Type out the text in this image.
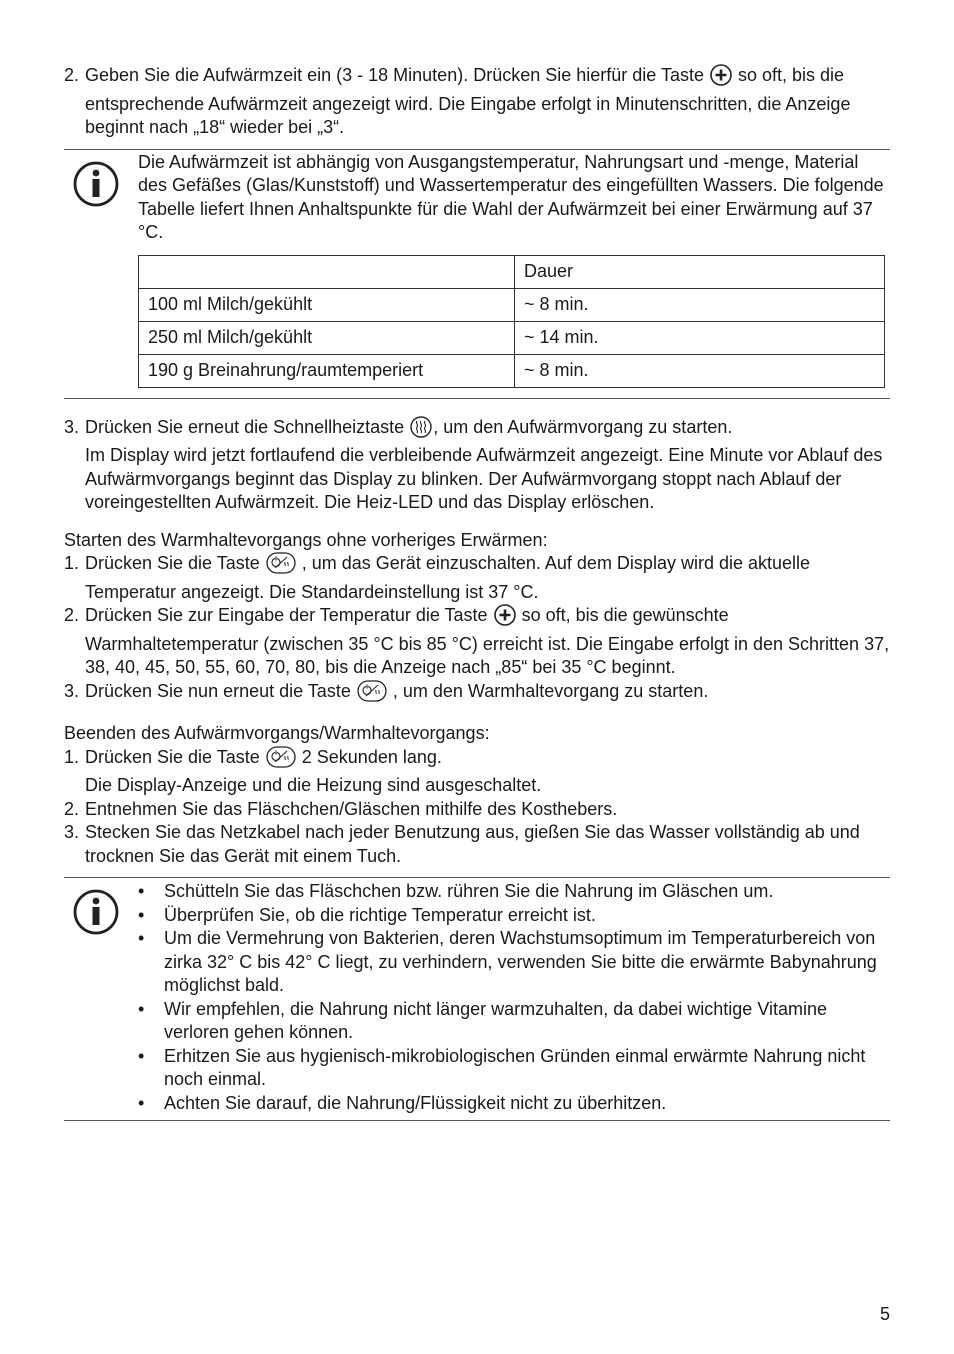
2. Geben Sie die Aufwärmzeit ein (3 - 18 Minuten). Drücken Sie hierfür die Taste  so oft, bis die entsprechende Aufwärmzeit angezeigt wird. Die Eingabe erfolgt in Minutenschritten, die Anzeige beginnt nach „18“ wieder bei „3“.
Die Aufwärmzeit ist abhängig von Ausgangstemperatur, Nahrungsart und -menge, Material des Gefäßes (Glas/Kunststoff) und Wassertemperatur des eingefüllten Wassers. Die folgende Tabelle liefert Ihnen Anhaltspunkte für die Wahl der Aufwärmzeit bei einer Erwärmung auf 37 °C.
	Dauer
100 ml Milch/gekühlt	~ 8 min.
250 ml Milch/gekühlt	~ 14 min.
190 g Breinahrung/raumtemperiert	~ 8 min.
3. Drücken Sie erneut die Schnellheiztaste , um den Aufwärmvorgang zu starten.
Im Display wird jetzt fortlaufend die verbleibende Aufwärmzeit angezeigt. Eine Minute vor Ablauf des Aufwärmvorgangs beginnt das Display zu blinken. Der Aufwärmvorgang stoppt nach Ablauf der voreingestellten Aufwärmzeit. Die Heiz-LED und das Display erlöschen.
Starten des Warmhaltevorgangs ohne vorheriges Erwärmen:
1. Drücken Sie die Taste  , um das Gerät einzuschalten. Auf dem Display wird die aktuelle Temperatur angezeigt. Die Standardeinstellung ist 37 °C.
2. Drücken Sie zur Eingabe der Temperatur die Taste  so oft, bis die gewünschte Warmhaltetemperatur (zwischen 35 °C bis 85 °C) erreicht ist. Die Eingabe erfolgt in den Schritten 37, 38, 40, 45, 50, 55, 60, 70, 80, bis die Anzeige nach „85“ bei 35 °C beginnt.
3. Drücken Sie nun erneut die Taste  , um den Warmhaltevorgang zu starten.
Beenden des Aufwärmvorgangs/Warmhaltevorgangs:
1. Drücken Sie die Taste  2 Sekunden lang.
Die Display-Anzeige und die Heizung sind ausgeschaltet.
2. Entnehmen Sie das Fläschchen/Gläschen mithilfe des Kosthebers.
3. Stecken Sie das Netzkabel nach jeder Benutzung aus, gießen Sie das Wasser vollständig ab und trocknen Sie das Gerät mit einem Tuch.
•	Schütteln Sie das Fläschchen bzw. rühren Sie die Nahrung im Gläschen um.
•	Überprüfen Sie, ob die richtige Temperatur erreicht ist.
•	Um die Vermehrung von Bakterien, deren Wachstumsoptimum im Temperaturbereich von zirka 32° C bis 42° C liegt, zu verhindern, verwenden Sie bitte die erwärmte Babynahrung möglichst bald.
•	Wir empfehlen, die Nahrung nicht länger warmzuhalten, da dabei wichtige Vitamine verloren gehen können.
•	Erhitzen Sie aus hygienisch-mikrobiologischen Gründen einmal erwärmte Nahrung nicht noch einmal.
•	Achten Sie darauf, die Nahrung/Flüssigkeit nicht zu überhitzen.
5
